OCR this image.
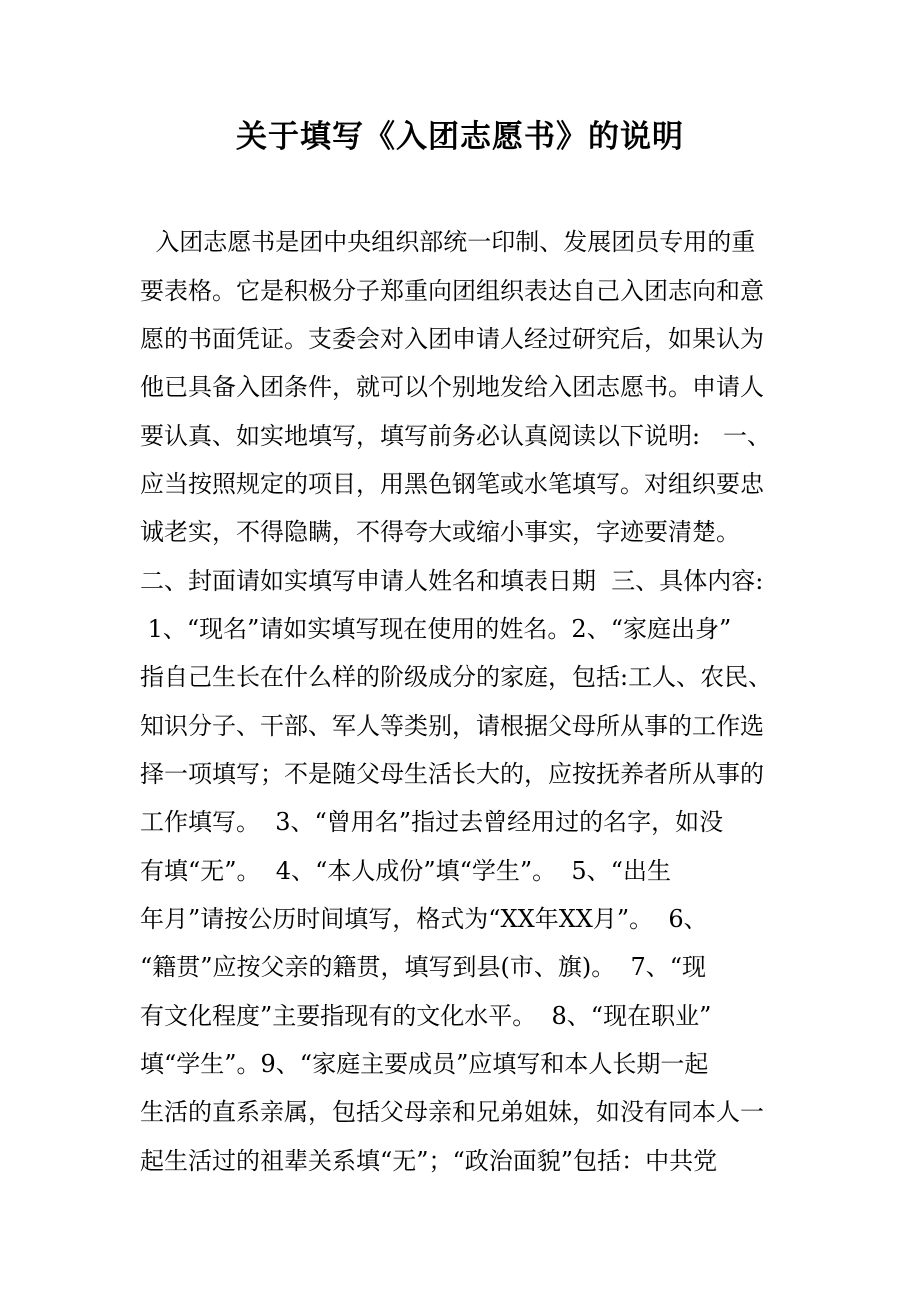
关于填写《入团志愿书》的说明

入团志愿书是团中央组织部统一印制、发展团员专用的重

要表格。它是积极分子郑重向团组织表达自己入团志向和意

愿的书面凭证。支委会对入团申请人经过研究后，如果认为

他已具备入团条件，就可以个别地发给入团志愿书。申请人

要认真、如实地填写，填写前务必认真阅读以下说明:   一、

应当按照规定的项目，用黑色钢笔或水笔填写。对组织要忠

诚老实，不得隐瞒，不得夸大或缩小事实，字迹要清楚。

二、封面请如实填写申请人姓名和填表日期  三、具体内容:

1、“现名”请如实填写现在使用的姓名。2、“家庭出身”

指自己生长在什么样的阶级成分的家庭，包括:工人、农民、

知识分子、干部、军人等类别，请根据父母所从事的工作选

择一项填写；不是随父母生活长大的，应按抚养者所从事的

工作填写。  3、“曾用名”指过去曾经用过的名字，如没

有填“无”。  4、“本人成份”填“学生”。  5、“出生

年月”请按公历时间填写，格式为“XX年XX月”。  6、

“籍贯”应按父亲的籍贯，填写到县(市、旗)。  7、“现

有文化程度”主要指现有的文化水平。  8、“现在职业”

填“学生”。9、“家庭主要成员”应填写和本人长期一起

生活的直系亲属，包括父母亲和兄弟姐妹，如没有同本人一

起生活过的祖辈关系填“无”；“政治面貌”包括：中共党
